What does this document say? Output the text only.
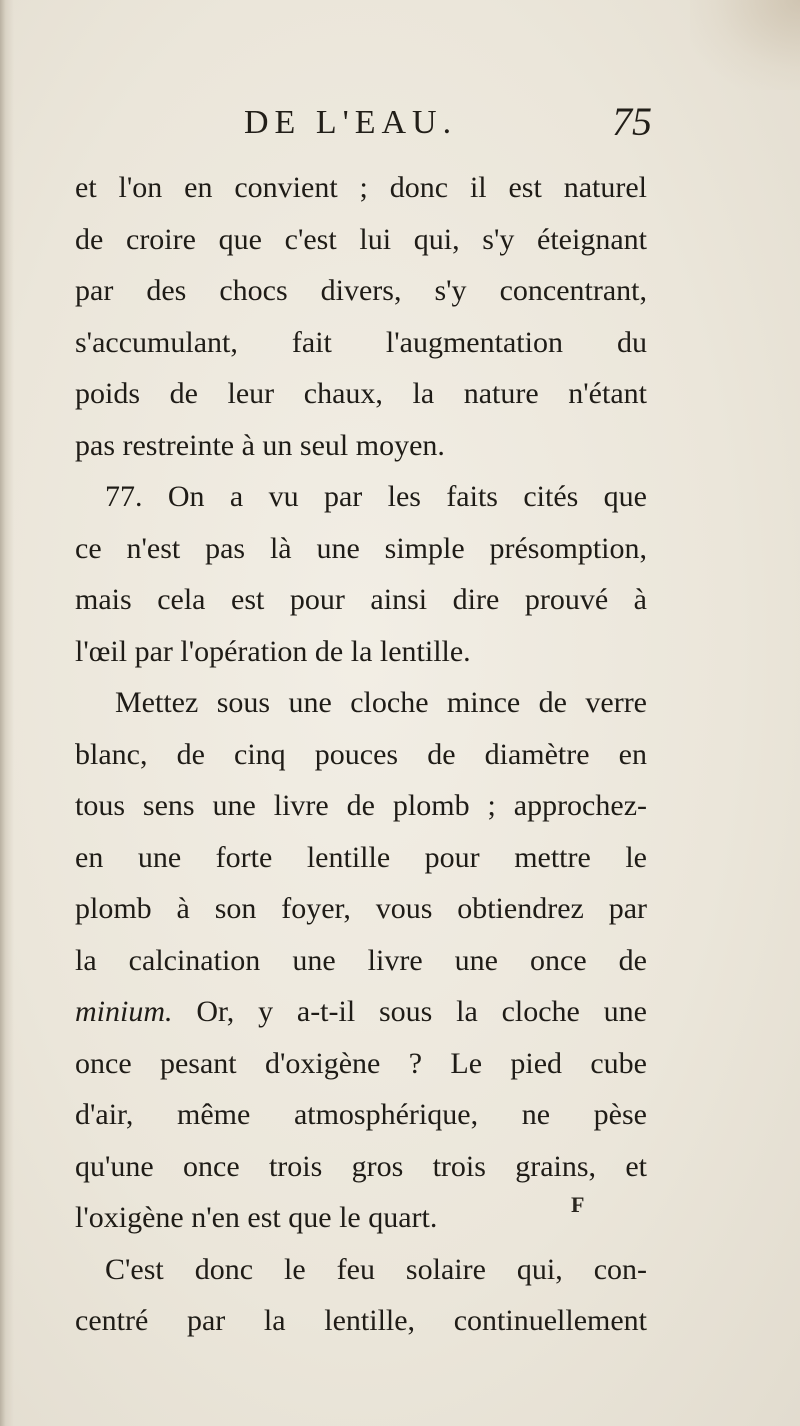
DE L'EAU.	75
et l'on en convient ; donc il est naturel
de croire que c'est lui qui, s'y éteignant
par des chocs divers, s'y concentrant,
s'accumulant, fait l'augmentation du
poids de leur chaux, la nature n'étant
pas restreinte à un seul moyen.
77. On a vu par les faits cités que
ce n'est pas là une simple présomption,
mais cela est pour ainsi dire prouvé à
l'œil par l'opération de la lentille.
Mettez sous une cloche mince de verre
blanc, de cinq pouces de diamètre en
tous sens une livre de plomb ; approchez-
en une forte lentille pour mettre le
plomb à son foyer, vous obtiendrez par
la calcination une livre une once de
minium. Or, y a-t-il sous la cloche une
once pesant d'oxigène ? Le pied cube
d'air, même atmosphérique, ne pèse
qu'une once trois gros trois grains, et
l'oxigène n'en est que le quart.
C'est donc le feu solaire qui, con-
centré par la lentille, continuellement
F
